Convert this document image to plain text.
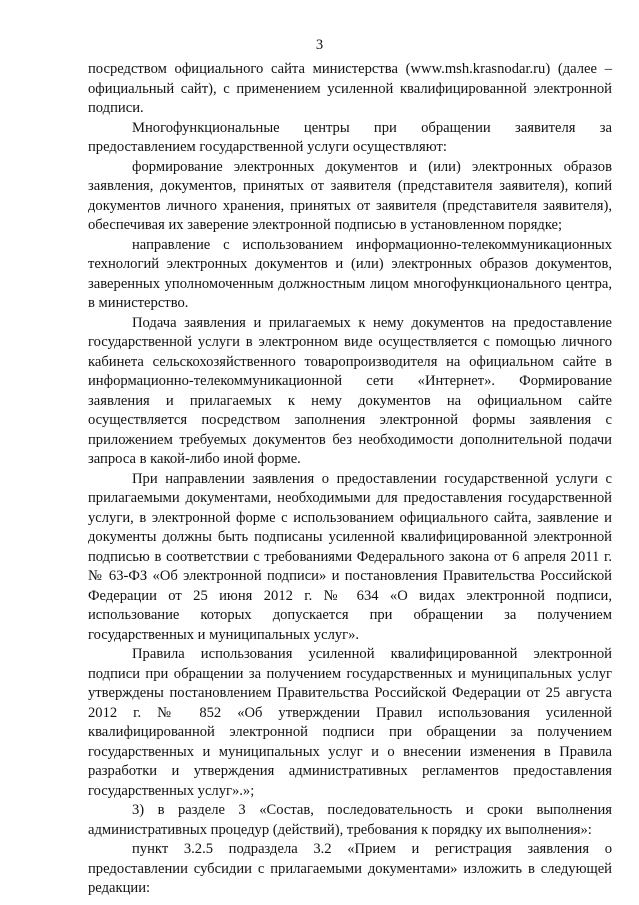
3

посредством официального сайта министерства (www.msh.krasnodar.ru) (далее – официальный сайт), с применением усиленной квалифицированной электронной подписи.

Многофункциональные центры при обращении заявителя за предоставлением государственной услуги осуществляют:

формирование электронных документов и (или) электронных образов заявления, документов, принятых от заявителя (представителя заявителя), копий документов личного хранения, принятых от заявителя (представителя заявителя), обеспечивая их заверение электронной подписью в установленном порядке;

направление с использованием информационно-телекоммуникационных технологий электронных документов и (или) электронных образов документов, заверенных уполномоченным должностным лицом многофункционального центра, в министерство.

Подача заявления и прилагаемых к нему документов на предоставление государственной услуги в электронном виде осуществляется с помощью личного кабинета сельскохозяйственного товаропроизводителя на официальном сайте в информационно-телекоммуникационной сети «Интернет». Формирование заявления и прилагаемых к нему документов на официальном сайте осуществляется посредством заполнения электронной формы заявления с приложением требуемых документов без необходимости дополнительной подачи запроса в какой-либо иной форме.

При направлении заявления о предоставлении государственной услуги с прилагаемыми документами, необходимыми для предоставления государственной услуги, в электронной форме с использованием официального сайта, заявление и документы должны быть подписаны усиленной квалифицированной электронной подписью в соответствии с требованиями Федерального закона от 6 апреля 2011 г. № 63-ФЗ «Об электронной подписи» и постановления Правительства Российской Федерации от 25 июня 2012 г. № 634 «О видах электронной подписи, использование которых допускается при обращении за получением государственных и муниципальных услуг».

Правила использования усиленной квалифицированной электронной подписи при обращении за получением государственных и муниципальных услуг утверждены постановлением Правительства Российской Федерации от 25 августа 2012 г. № 852 «Об утверждении Правил использования усиленной квалифицированной электронной подписи при обращении за получением государственных и муниципальных услуг и о внесении изменения в Правила разработки и утверждения административных регламентов предоставления государственных услуг».»;

3) в разделе 3 «Состав, последовательность и сроки выполнения административных процедур (действий), требования к порядку их выполнения»:

пункт 3.2.5 подраздела 3.2 «Прием и регистрация заявления о предоставлении субсидии с прилагаемыми документами» изложить в следующей редакции:
